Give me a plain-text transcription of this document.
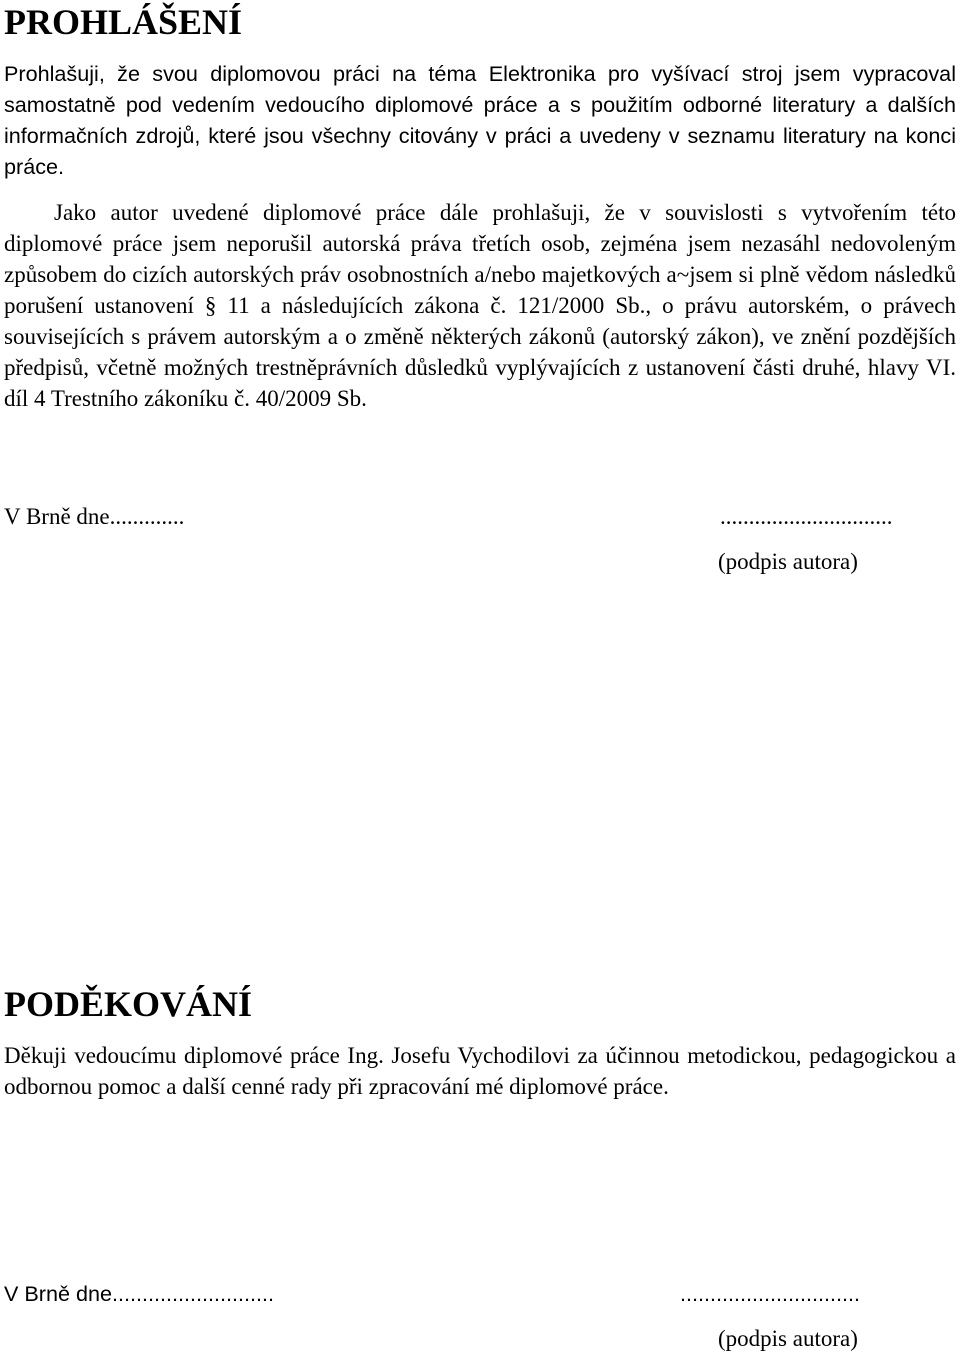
PROHLÁŠENÍ

Prohlašuji, že svou diplomovou práci na téma Elektronika pro vyšívací stroj jsem vypracoval samostatně pod vedením vedoucího diplomové práce a s použitím odborné literatury a dalších informačních zdrojů, které jsou všechny citovány v práci a uvedeny v seznamu literatury na konci práce.

Jako autor uvedené diplomové práce dále prohlašuji, že v souvislosti s vytvořením této diplomové práce jsem neporušil autorská práva třetích osob, zejména jsem nezasáhl nedovoleným způsobem do cizích autorských práv osobnostních a/nebo majetkových a~jsem si plně vědom následků porušení ustanovení § 11 a následujících zákona č. 121/2000 Sb., o právu autorském, o právech souvisejících s právem autorským a o změně některých zákonů (autorský zákon), ve znění pozdějších předpisů, včetně možných trestněprávních důsledků vyplývajících z ustanovení části druhé, hlavy VI. díl 4 Trestního zákoníku č. 40/2009 Sb.

V Brně dne.............	..............................
(podpis autora)
PODĚKOVÁNÍ

Děkuji vedoucímu diplomové práce Ing. Josefu Vychodilovi za účinnou metodickou, pedagogickou a odbornou pomoc a další cenné rady při zpracování mé diplomové práce.

V Brně dne...........................	..............................
(podpis autora)
